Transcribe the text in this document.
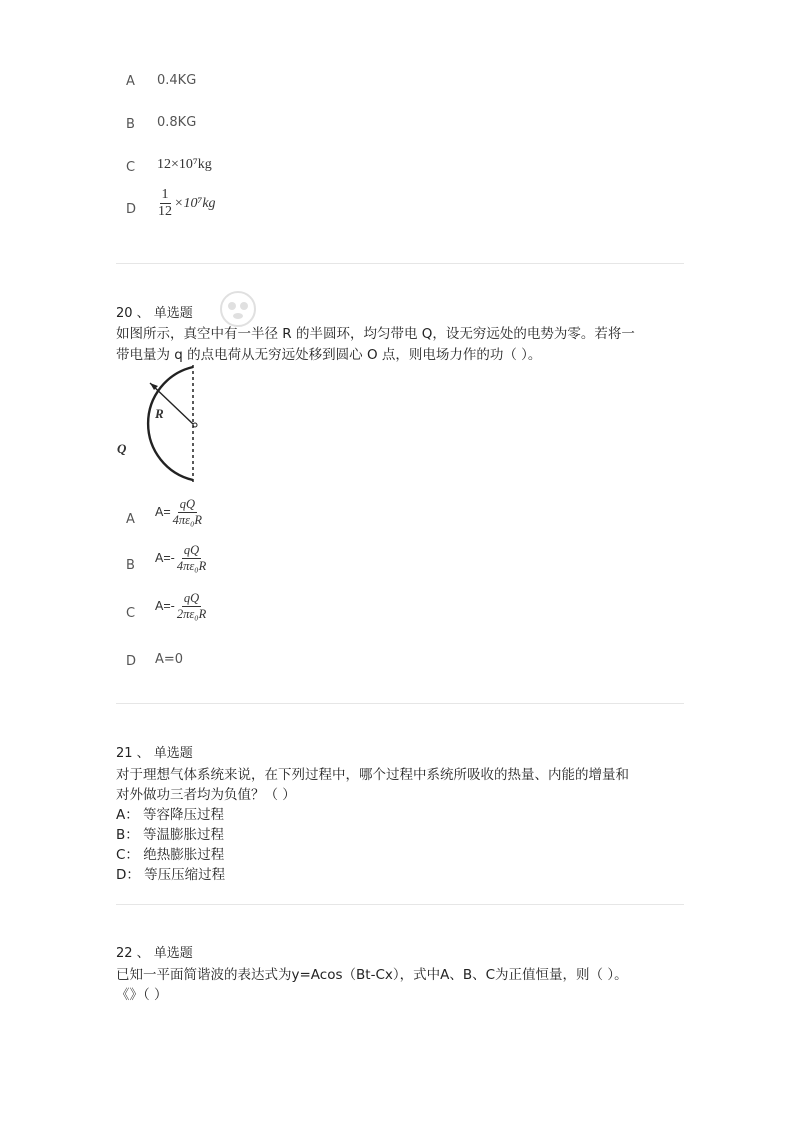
A 0.4KG
B 0.8KG
C 12×10⁷kg
D $\frac{1}{12} \times 10^7kg$
20 、 单选题
如图所示，真空中有一半径 R 的半圆环，均匀带电 Q，设无穷远处的电势为零。若将一
带电量为 q 的点电荷从无穷远处移到圆心 O 点，则电场力作的功（ ）。
R
Q
A $A= \frac{qQ}{\text{4πε₀R}}$
B $A=- \frac{qQ}{\text{4πε₀R}}$
C $A=- \frac{qQ}{\text{2πε₀R}}$
D A=0
21 、 单选题
对于理想气体系统来说，在下列过程中，哪个过程中系统所吸收的热量、内能的增量和
对外做功三者均为负值？（ ）
A： 等容降压过程
B： 等温膨胀过程
C： 绝热膨胀过程
D： 等压压缩过程
22 、 单选题
已知一平面简谐波的表达式为y=Acos（Bt-Cx），式中A、B、C为正值恒量，则（ ）。
《》（ ）
